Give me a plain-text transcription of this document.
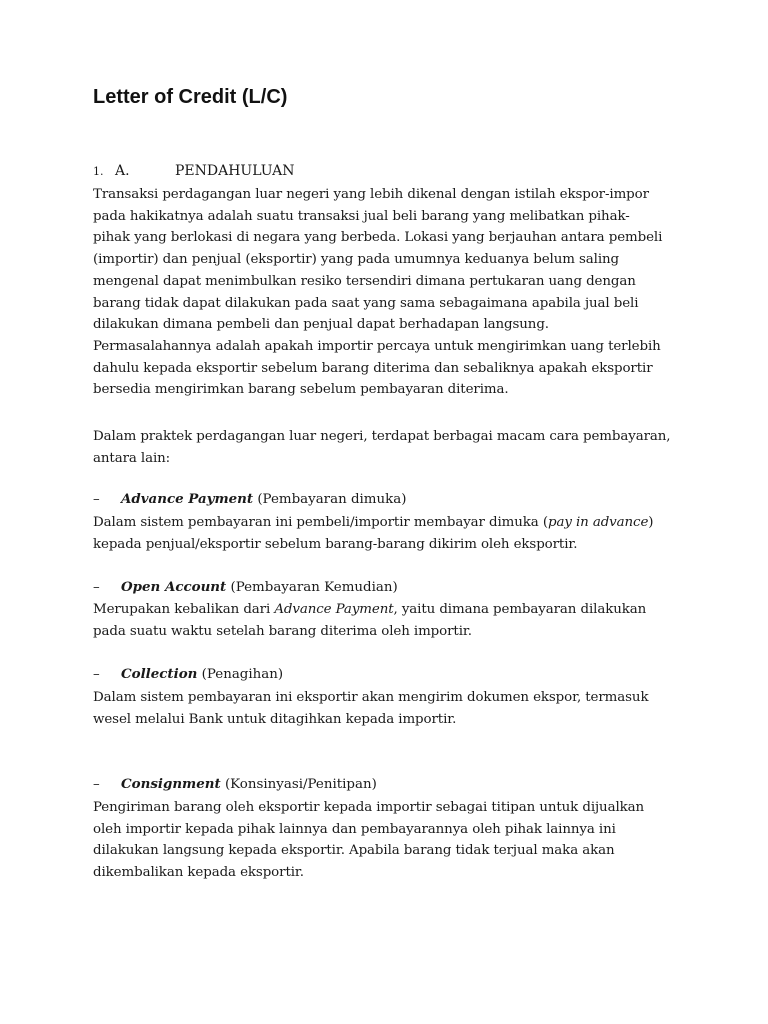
Letter of Credit (L/C)
1. A.	PENDAHULUAN
Transaksi perdagangan luar negeri yang lebih dikenal dengan istilah ekspor-impor
pada hakikatnya adalah suatu transaksi jual beli barang yang melibatkan pihak-
pihak yang berlokasi di negara yang berbeda. Lokasi yang berjauhan antara pembeli
(importir) dan penjual (eksportir) yang pada umumnya keduanya belum saling
mengenal dapat menimbulkan resiko tersendiri dimana pertukaran uang dengan
barang tidak dapat dilakukan pada saat yang sama sebagaimana apabila jual beli
dilakukan dimana pembeli dan penjual dapat berhadapan langsung.
Permasalahannya adalah apakah importir percaya untuk mengirimkan uang terlebih
dahulu kepada eksportir sebelum barang diterima dan sebaliknya apakah eksportir
bersedia mengirimkan barang sebelum pembayaran diterima.
Dalam praktek perdagangan luar negeri, terdapat berbagai macam cara pembayaran,
antara lain:
– Advance Payment (Pembayaran dimuka)
Dalam sistem pembayaran ini pembeli/importir membayar dimuka (pay in advance)
kepada penjual/eksportir sebelum barang-barang dikirim oleh eksportir.
– Open Account (Pembayaran Kemudian)
Merupakan kebalikan dari Advance Payment, yaitu dimana pembayaran dilakukan
pada suatu waktu setelah barang diterima oleh importir.
– Collection (Penagihan)
Dalam sistem pembayaran ini eksportir akan mengirim dokumen ekspor, termasuk
wesel melalui Bank untuk ditagihkan kepada importir.
– Consignment (Konsinyasi/Penitipan)
Pengiriman barang oleh eksportir kepada importir sebagai titipan untuk dijualkan
oleh importir kepada pihak lainnya dan pembayarannya oleh pihak lainnya ini
dilakukan langsung kepada eksportir. Apabila barang tidak terjual maka akan
dikembalikan kepada eksportir.
